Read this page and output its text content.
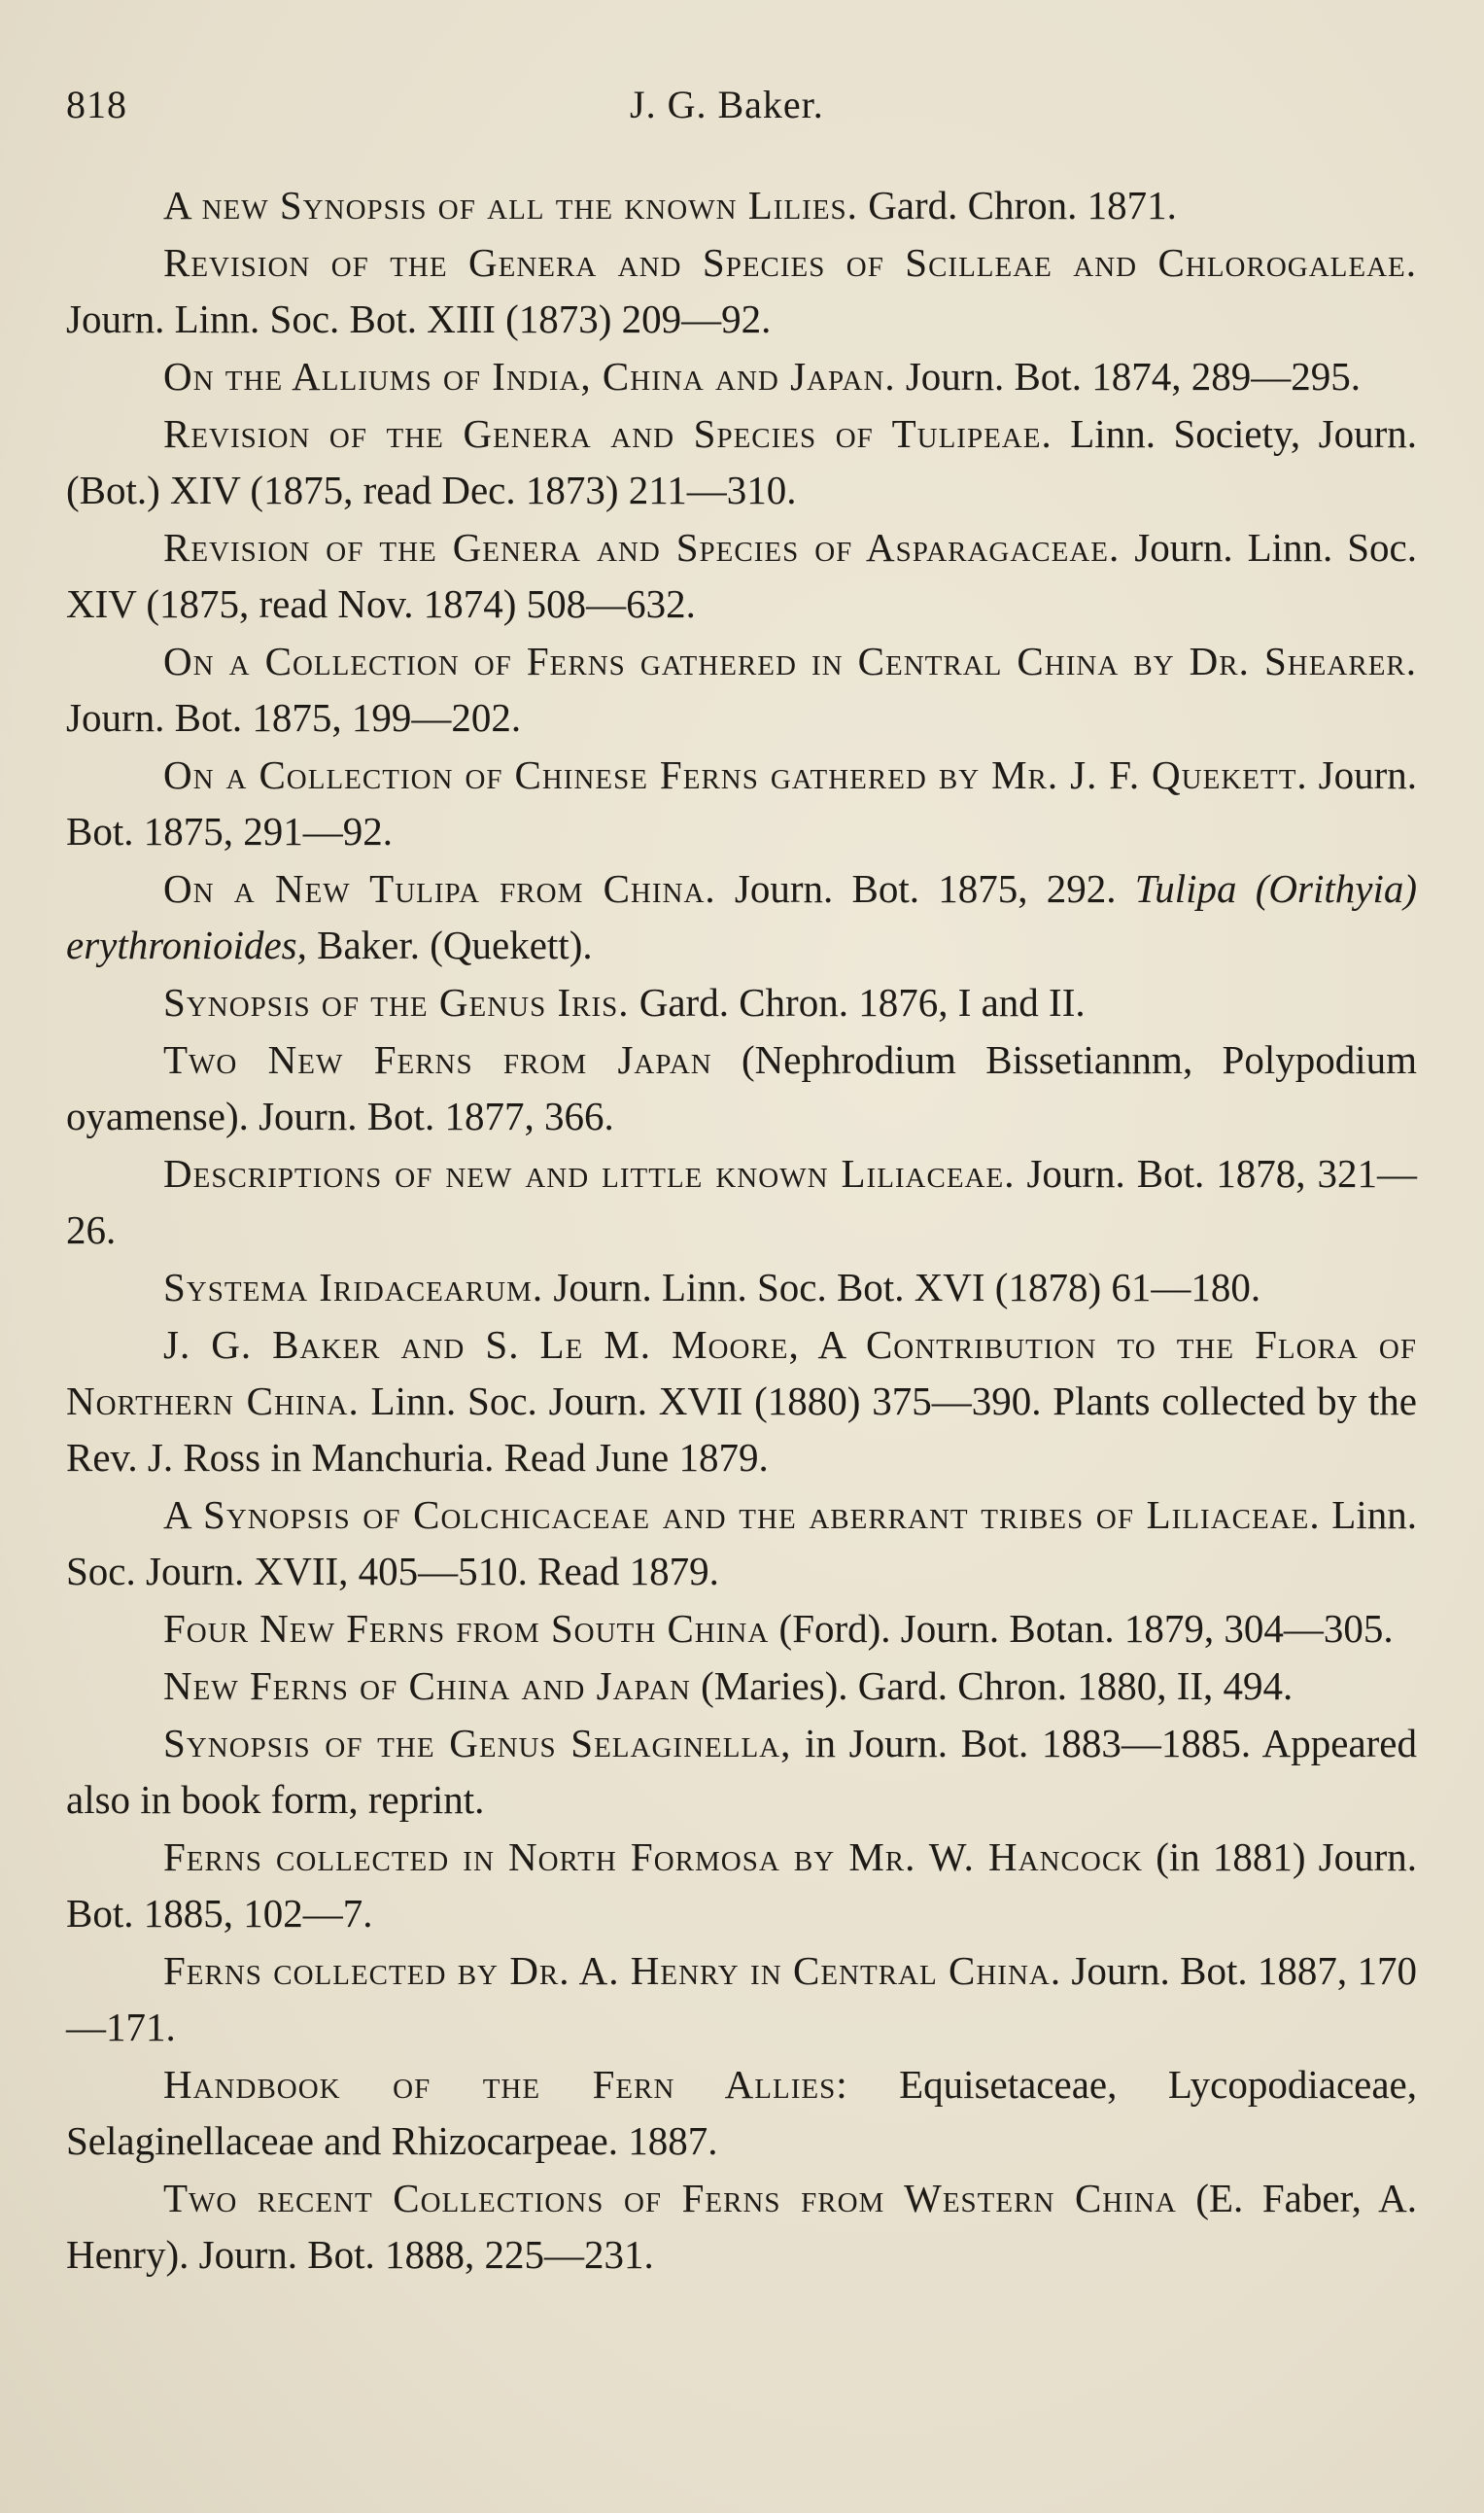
818	J. G. Baker.

A new Synopsis of all the known Lilies. Gard. Chron. 1871.

Revision of the Genera and Species of Scilleae and Chlorogaleae. Journ. Linn. Soc. Bot. XIII (1873) 209—92.

On the Alliums of India, China and Japan. Journ. Bot. 1874, 289—295.

Revision of the Genera and Species of Tulipeae. Linn. Society, Journ. (Bot.) XIV (1875, read Dec. 1873) 211—310.

Revision of the Genera and Species of Asparagaceae. Journ. Linn. Soc. XIV (1875, read Nov. 1874) 508—632.

On a Collection of Ferns gathered in Central China by Dr. Shearer. Journ. Bot. 1875, 199—202.

On a Collection of Chinese Ferns gathered by Mr. J. F. Quekett. Journ. Bot. 1875, 291—92.

On a New Tulipa from China. Journ. Bot. 1875, 292. Tulipa (Orithyia) erythronioides, Baker. (Quekett).

Synopsis of the Genus Iris. Gard. Chron. 1876, I and II.

Two New Ferns from Japan (Nephrodium Bissetiannm, Polypodium oyamense). Journ. Bot. 1877, 366.

Descriptions of new and little known Liliaceae. Journ. Bot. 1878, 321—26.

Systema Iridacearum. Journ. Linn. Soc. Bot. XVI (1878) 61—180.

J. G. Baker and S. Le M. Moore, A Contribution to the Flora of Northern China. Linn. Soc. Journ. XVII (1880) 375—390. Plants collected by the Rev. J. Ross in Manchuria. Read June 1879.

A Synopsis of Colchicaceae and the aberrant tribes of Liliaceae. Linn. Soc. Journ. XVII, 405—510. Read 1879.

Four New Ferns from South China (Ford). Journ. Botan. 1879, 304—305.

New Ferns of China and Japan (Maries). Gard. Chron. 1880, II, 494.

Synopsis of the Genus Selaginella, in Journ. Bot. 1883—1885. Appeared also in book form, reprint.

Ferns collected in North Formosa by Mr. W. Hancock (in 1881) Journ. Bot. 1885, 102—7.

Ferns collected by Dr. A. Henry in Central China. Journ. Bot. 1887, 170—171.

Handbook of the Fern Allies: Equisetaceae, Lycopodiaceae, Selaginellaceae and Rhizocarpeae. 1887.

Two recent Collections of Ferns from Western China (E. Faber, A. Henry). Journ. Bot. 1888, 225—231.
